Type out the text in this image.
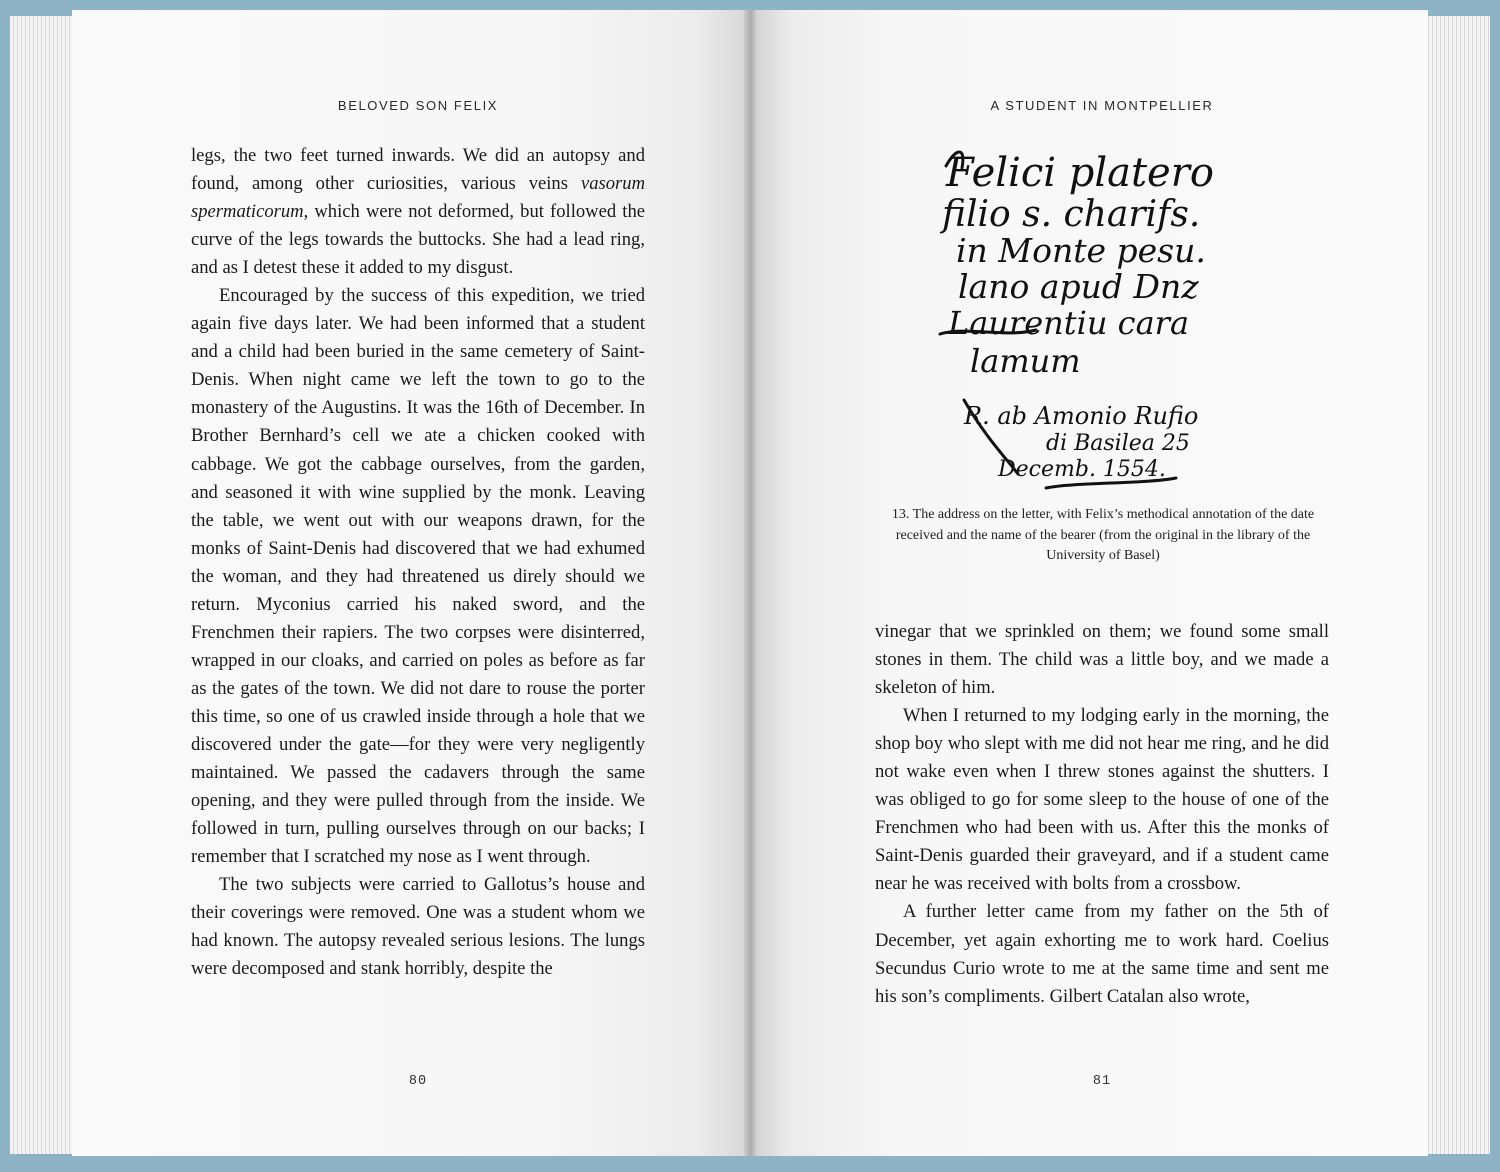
BELOVED SON FELIX

legs, the two feet turned inwards. We did an autopsy and found, among other curiosities, various veins vasorum spermaticorum, which were not deformed, but followed the curve of the legs towards the buttocks. She had a lead ring, and as I detest these it added to my disgust.

Encouraged by the success of this expedition, we tried again five days later. We had been informed that a student and a child had been buried in the same cemetery of Saint-Denis. When night came we left the town to go to the monastery of the Augustins. It was the 16th of December. In Brother Bernhard’s cell we ate a chicken cooked with cabbage. We got the cabbage ourselves, from the garden, and seasoned it with wine supplied by the monk. Leaving the table, we went out with our weapons drawn, for the monks of Saint-Denis had discovered that we had exhumed the woman, and they had threatened us direly should we return. Myconius carried his naked sword, and the Frenchmen their rapiers. The two corpses were disinterred, wrapped in our cloaks, and carried on poles as before as far as the gates of the town. We did not dare to rouse the porter this time, so one of us crawled inside through a hole that we discovered under the gate—for they were very negligently maintained. We passed the cadavers through the same opening, and they were pulled through from the inside. We followed in turn, pulling ourselves through on our backs; I remember that I scratched my nose as I went through.

The two subjects were carried to Gallotus’s house and their coverings were removed. One was a student whom we had known. The autopsy revealed serious lesions. The lungs were decomposed and stank horribly, despite the

80
A STUDENT IN MONTPELLIER
Felici platero
filio s. charifs.
in Monte pesu.
lano apud Dnz
Laurentiu cara
lamum
R. ab Amonio Rufio
di Basilea 25
Decemb. 1554.
13. The address on the letter, with Felix’s methodical annotation of the date received and the name of the bearer (from the original in the library of the University of Basel)

vinegar that we sprinkled on them; we found some small stones in them. The child was a little boy, and we made a skeleton of him.

When I returned to my lodging early in the morning, the shop boy who slept with me did not hear me ring, and he did not wake even when I threw stones against the shutters. I was obliged to go for some sleep to the house of one of the Frenchmen who had been with us. After this the monks of Saint-Denis guarded their graveyard, and if a student came near he was received with bolts from a crossbow.

A further letter came from my father on the 5th of December, yet again exhorting me to work hard. Coelius Secundus Curio wrote to me at the same time and sent me his son’s compliments. Gilbert Catalan also wrote,

81
